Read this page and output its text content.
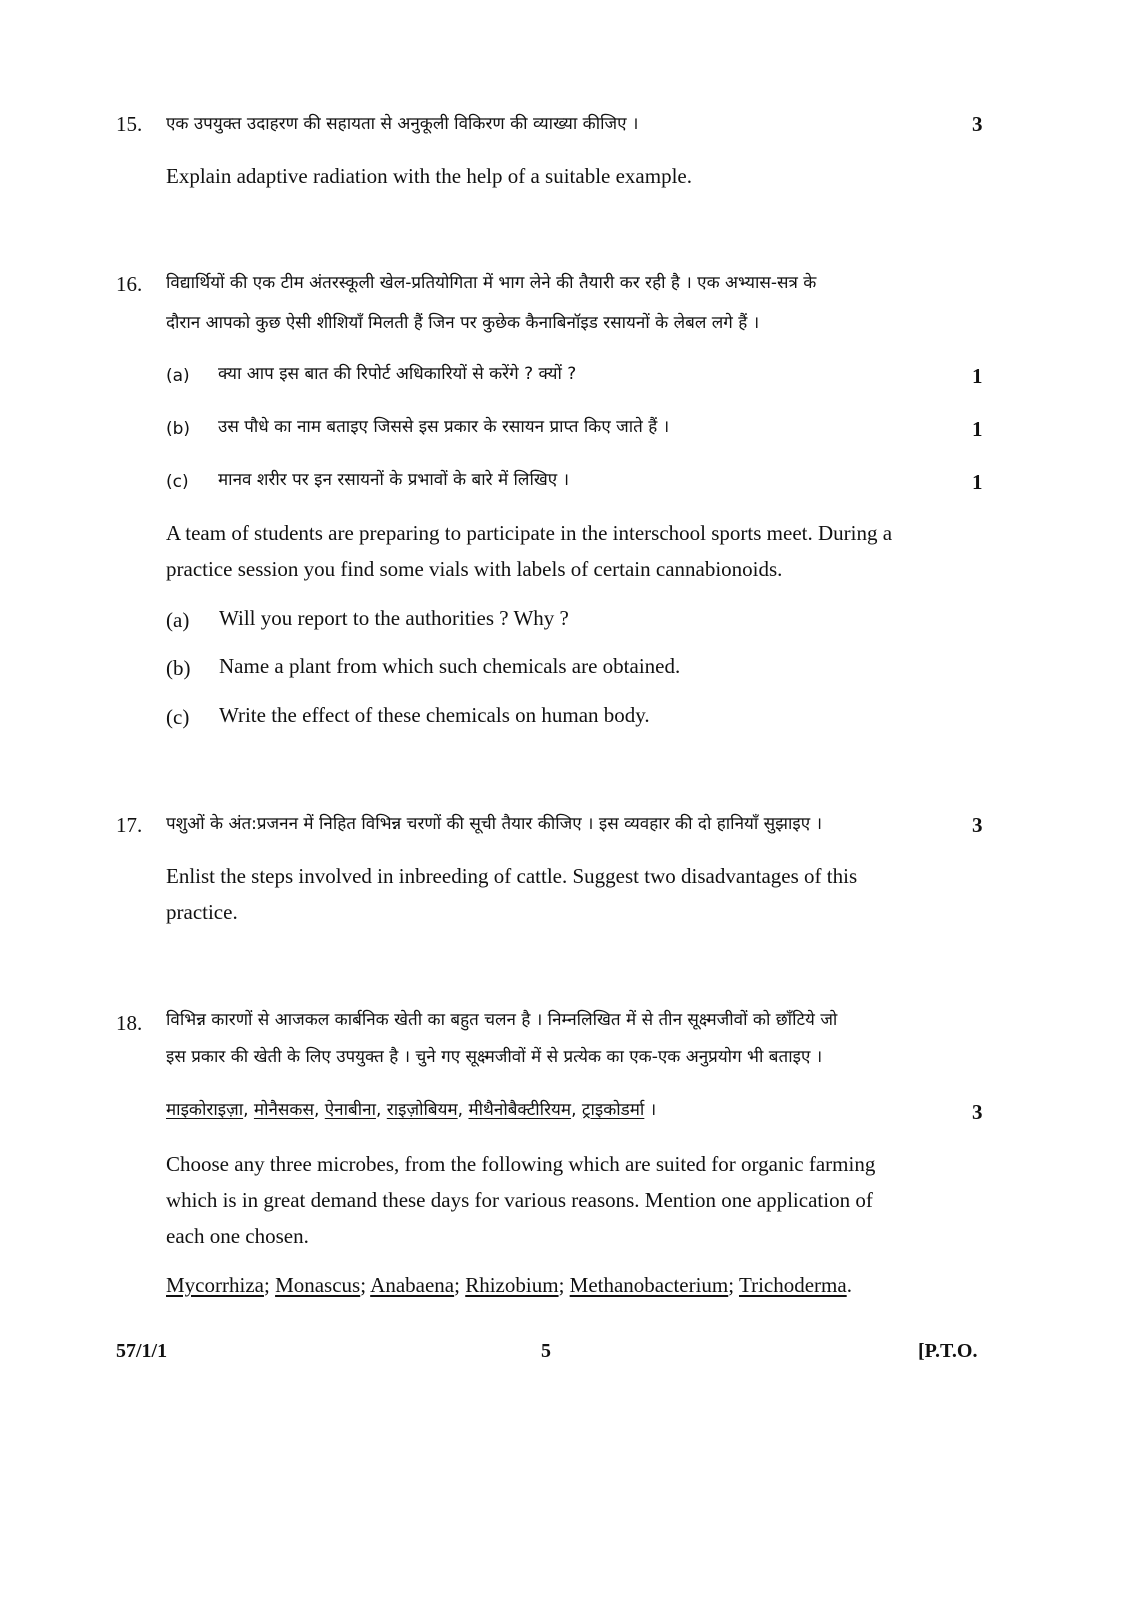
15. एक उपयुक्त उदाहरण की सहायता से अनुकूली विकिरण की व्याख्या कीजिए ।	3
Explain adaptive radiation with the help of a suitable example.
16. विद्यार्थियों की एक टीम अंतरस्कूली खेल-प्रतियोगिता में भाग लेने की तैयारी कर रही है । एक अभ्यास-सत्र के
दौरान आपको कुछ ऐसी शीशियाँ मिलती हैं जिन पर कुछेक कैनाबिनॉइड रसायनों के लेबल लगे हैं ।
(a) क्या आप इस बात की रिपोर्ट अधिकारियों से करेंगे ? क्यों ?	1
(b) उस पौधे का नाम बताइए जिससे इस प्रकार के रसायन प्राप्त किए जाते हैं ।	1
(c) मानव शरीर पर इन रसायनों के प्रभावों के बारे में लिखिए ।	1
A team of students are preparing to participate in the interschool sports meet. During a
practice session you find some vials with labels of certain cannabionoids.
(a) Will you report to the authorities ? Why ?
(b) Name a plant from which such chemicals are obtained.
(c) Write the effect of these chemicals on human body.
17. पशुओं के अंत:प्रजनन में निहित विभिन्न चरणों की सूची तैयार कीजिए । इस व्यवहार की दो हानियाँ सुझाइए ।	3
Enlist the steps involved in inbreeding of cattle. Suggest two disadvantages of this
practice.
18. विभिन्न कारणों से आजकल कार्बनिक खेती का बहुत चलन है । निम्नलिखित में से तीन सूक्ष्मजीवों को छाँटिये जो
इस प्रकार की खेती के लिए उपयुक्त है । चुने गए सूक्ष्मजीवों में से प्रत्येक का एक-एक अनुप्रयोग भी बताइए ।
माइकोराइज़ा, मोनैसकस, ऐनाबीना, राइज़ोबियम, मीथैनोबैक्टीरियम, ट्राइकोडर्मा ।	3
Choose any three microbes, from the following which are suited for organic farming
which is in great demand these days for various reasons. Mention one application of
each one chosen.
Mycorrhiza; Monascus; Anabaena; Rhizobium; Methanobacterium; Trichoderma.
57/1/1	5	[P.T.O.
